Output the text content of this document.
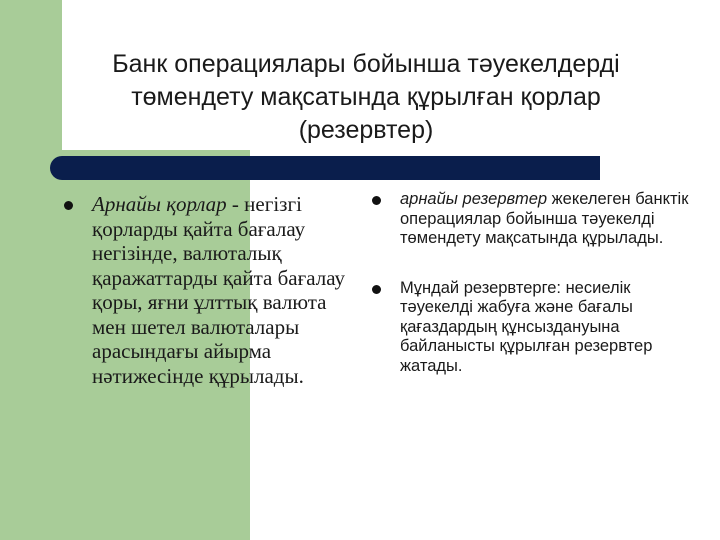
Банк операциялары бойынша тәуекелдерді
төмендету мақсатында құрылған қорлар
(резервтер)
Арнайы қорлар - негізгі қорларды қайта бағалау негізінде, валюталық қаражаттарды қайта бағалау қоры, яғни ұлттық валюта мен шетел валюталары арасындағы айырма нәтижесінде құрылады.
арнайы резервтер жекелеген банктік операциялар бойынша тәуекелді төмендету мақсатында құрылады.
Мұндай резервтерге: несиелік тәуекелді жабуға және бағалы қағаздардың құнсыздануына байланысты құрылған резервтер жатады.
